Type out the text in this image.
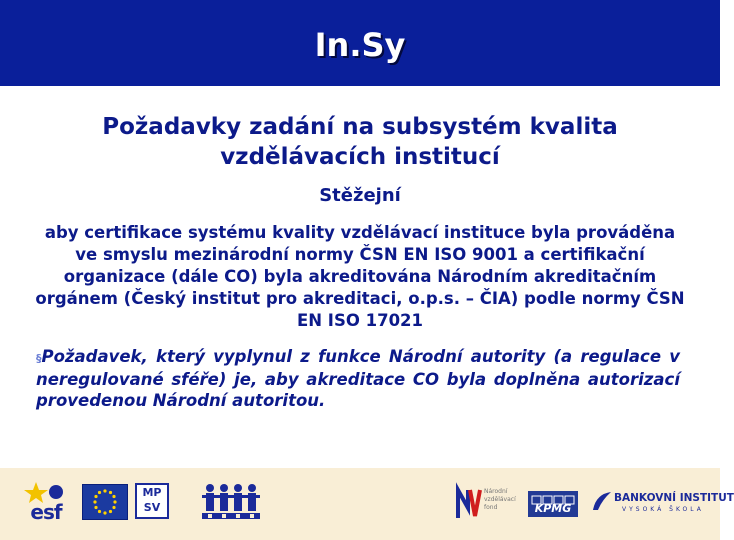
In.Sy
Požadavky zadání na subsystém kvalita vzdělávacích institucí
Stěžejní
aby certifikace systému kvality vzdělávací instituce byla prováděna ve smyslu mezinárodní normy ČSN EN ISO 9001 a certifikační organizace (dále CO) byla akreditována Národním akreditačním orgánem (Český institut pro akreditaci, o.p.s. – ČIA) podle normy ČSN EN ISO 17021
§Požadavek, který vyplynul z funkce Národní autority (a regulace v neregulované sféře) je, aby akreditace CO byla doplněna autorizací provedenou Národní autoritou.
esf
MP
SV
Národní vzdělávací fond	KPMG
BANKOVNÍ INSTITUT
VYSOKÁ ŠKOLA
